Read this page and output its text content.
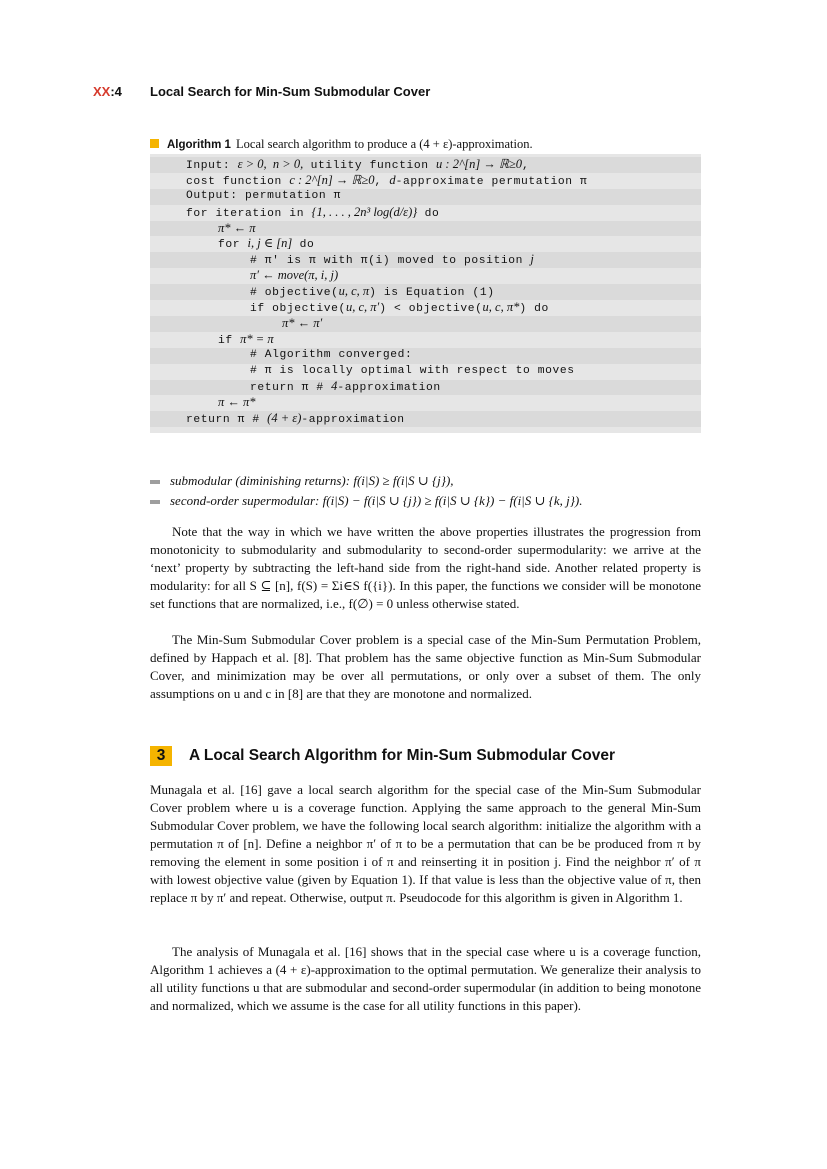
XX:4 Local Search for Min-Sum Submodular Cover
Algorithm 1 Local search algorithm to produce a (4 + ε)-approximation.
Input: ε > 0,  n > 0, utility function u : 2^[n] → ℝ≥0,
cost function c : 2^[n] → ℝ≥0, d-approximate permutation π
Output: permutation π
for iteration in {1, . . . , 2n³ log(d/ε)} do
π* ← π
for i, j ∈ [n] do
# π′ is π with π(i) moved to position j
π′ ← move(π, i, j)
# objective(u, c, π) is Equation (1)
if objective(u, c, π′) < objective(u, c, π*) do
π* ← π′
if π* = π
# Algorithm converged:
# π is locally optimal with respect to moves
return π # 4-approximation
π ← π*
return π # (4 + ε)-approximation
submodular (diminishing returns): f(i|S) ≥ f(i|S ∪ {j}),
second-order supermodular: f(i|S) − f(i|S ∪ {j}) ≥ f(i|S ∪ {k}) − f(i|S ∪ {k, j}).

Note that the way in which we have written the above properties illustrates the progression from monotonicity to submodularity and submodularity to second-order supermodularity: we arrive at the ‘next’ property by subtracting the left-hand side from the right-hand side. Another related property is modularity: for all S ⊆ [n], f(S) = Σi∈S f({i}). In this paper, the functions we consider will be monotone set functions that are normalized, i.e., f(∅) = 0 unless otherwise stated.

The Min-Sum Submodular Cover problem is a special case of the Min-Sum Permutation Problem, defined by Happach et al. [8]. That problem has the same objective function as Min-Sum Submodular Cover, and minimization may be over all permutations, or only over a subset of them. The only assumptions on u and c in [8] are that they are monotone and normalized.

3 A Local Search Algorithm for Min-Sum Submodular Cover

Munagala et al. [16] gave a local search algorithm for the special case of the Min-Sum Submodular Cover problem where u is a coverage function. Applying the same approach to the general Min-Sum Submodular Cover problem, we have the following local search algorithm: initialize the algorithm with a permutation π of [n]. Define a neighbor π′ of π to be a permutation that can be be produced from π by removing the element in some position i of π and reinserting it in position j. Find the neighbor π′ of π with lowest objective value (given by Equation 1). If that value is less than the objective value of π, then replace π by π′ and repeat. Otherwise, output π. Pseudocode for this algorithm is given in Algorithm 1.

The analysis of Munagala et al. [16] shows that in the special case where u is a coverage function, Algorithm 1 achieves a (4 + ε)-approximation to the optimal permutation. We generalize their analysis to all utility functions u that are submodular and second-order supermodular (in addition to being monotone and normalized, which we assume is the case for all utility functions in this paper).
